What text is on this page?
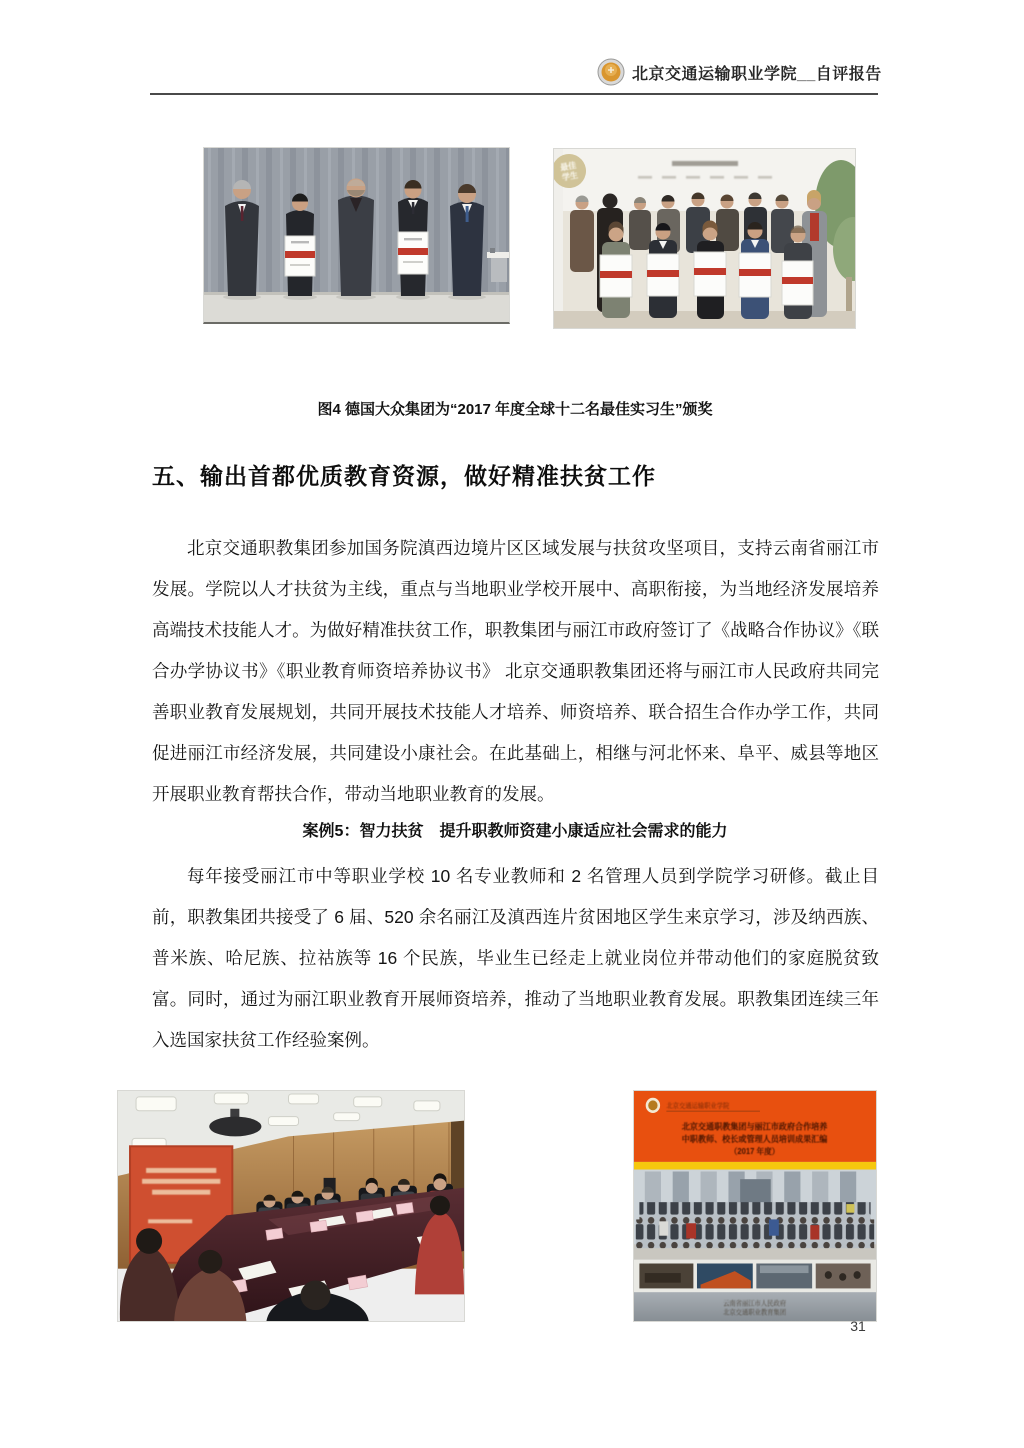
北京交通运输职业学院__自评报告
最佳
学生
图4 德国大众集团为“2017 年度全球十二名最佳实习生”颁奖
五、输出首都优质教育资源，做好精准扶贫工作

北京交通职教集团参加国务院滇西边境片区区域发展与扶贫攻坚项目，支持云南省丽江市发展。学院以人才扶贫为主线，重点与当地职业学校开展中、高职衔接，为当地经济发展培养高端技术技能人才。为做好精准扶贫工作，职教集团与丽江市政府签订了《战略合作协议》《联合办学协议书》《职业教育师资培养协议书》 北京交通职教集团还将与丽江市人民政府共同完善职业教育发展规划，共同开展技术技能人才培养、师资培养、联合招生合作办学工作，共同促进丽江市经济发展，共同建设小康社会。在此基础上，相继与河北怀来、阜平、威县等地区开展职业教育帮扶合作，带动当地职业教育的发展。

案例5：智力扶贫　提升职教师资建小康适应社会需求的能力

每年接受丽江市中等职业学校 10 名专业教师和 2 名管理人员到学院学习研修。截止目前，职教集团共接受了 6 届、520 余名丽江及滇西连片贫困地区学生来京学习，涉及纳西族、普米族、哈尼族、拉祜族等 16 个民族，毕业生已经走上就业岗位并带动他们的家庭脱贫致富。同时，通过为丽江职业教育开展师资培养，推动了当地职业教育发展。职教集团连续三年入选国家扶贫工作经验案例。

北京交通运输职业学院
北京交通职教集团与丽江市政府合作培养
中职教师、校长或管理人员培训成果汇编
（2017 年度）
云南省丽江市人民政府
北京交通职业教育集团
31
